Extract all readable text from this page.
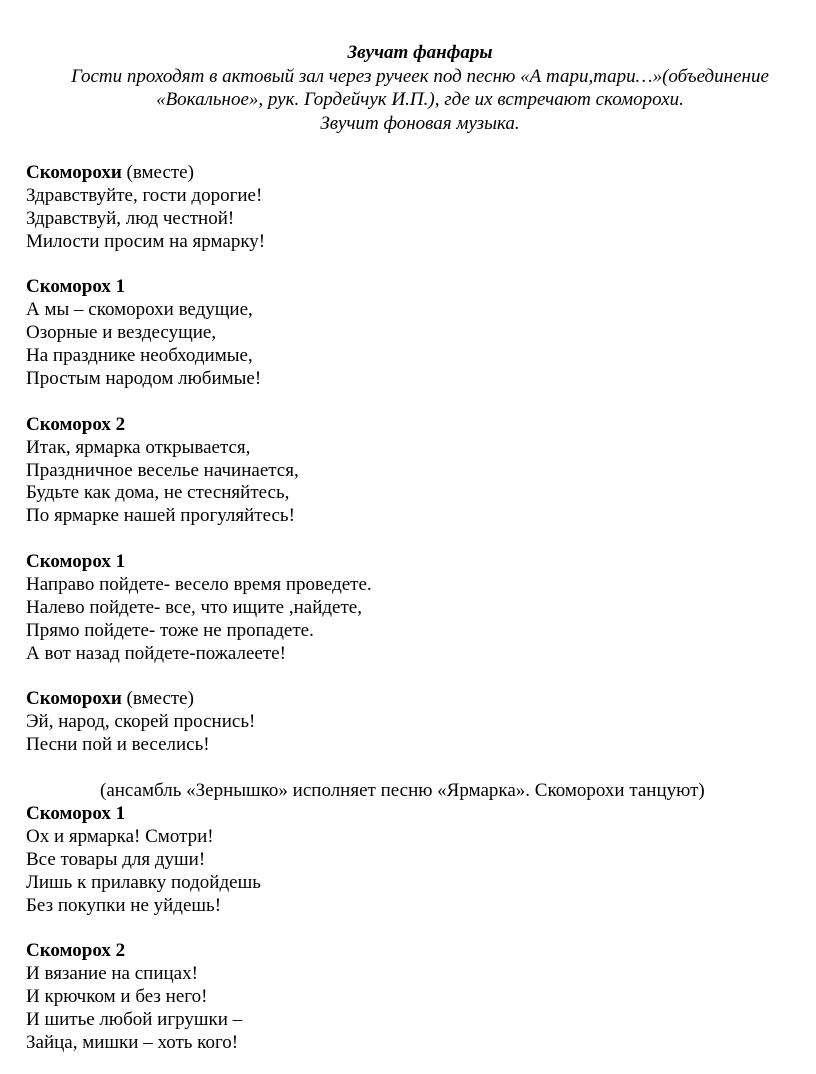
Звучат фанфары
Гости проходят в актовый зал через ручеек под песню «А тари,тари…»(объединение
«Вокальное», рук. Гордейчук И.П.), где их встречают скоморохи.
Звучит фоновая музыка.
Скоморохи (вместе)
Здравствуйте, гости дорогие!
Здравствуй, люд честной!
Милости просим на ярмарку!
Скоморох 1
А мы – скоморохи ведущие,
Озорные и вездесущие,
На празднике необходимые,
Простым народом любимые!
Скоморох 2
Итак, ярмарка открывается,
Праздничное веселье начинается,
Будьте как дома, не стесняйтесь,
По ярмарке нашей прогуляйтесь!
Скоморох 1
Направо пойдете- весело время проведете.
Налево пойдете- все, что ищите ,найдете,
Прямо пойдете- тоже не пропадете.
А вот назад пойдете-пожалеете!
Скоморохи (вместе)
Эй, народ, скорей проснись!
Песни пой и веселись!
(ансамбль «Зернышко» исполняет песню «Ярмарка». Скоморохи танцуют)
Скоморох 1
Ох и ярмарка! Смотри!
Все товары для души!
Лишь к прилавку подойдешь
Без покупки не уйдешь!
Скоморох 2
И вязание на спицах!
И крючком и без него!
И шитье любой игрушки –
Зайца, мишки – хоть кого!
